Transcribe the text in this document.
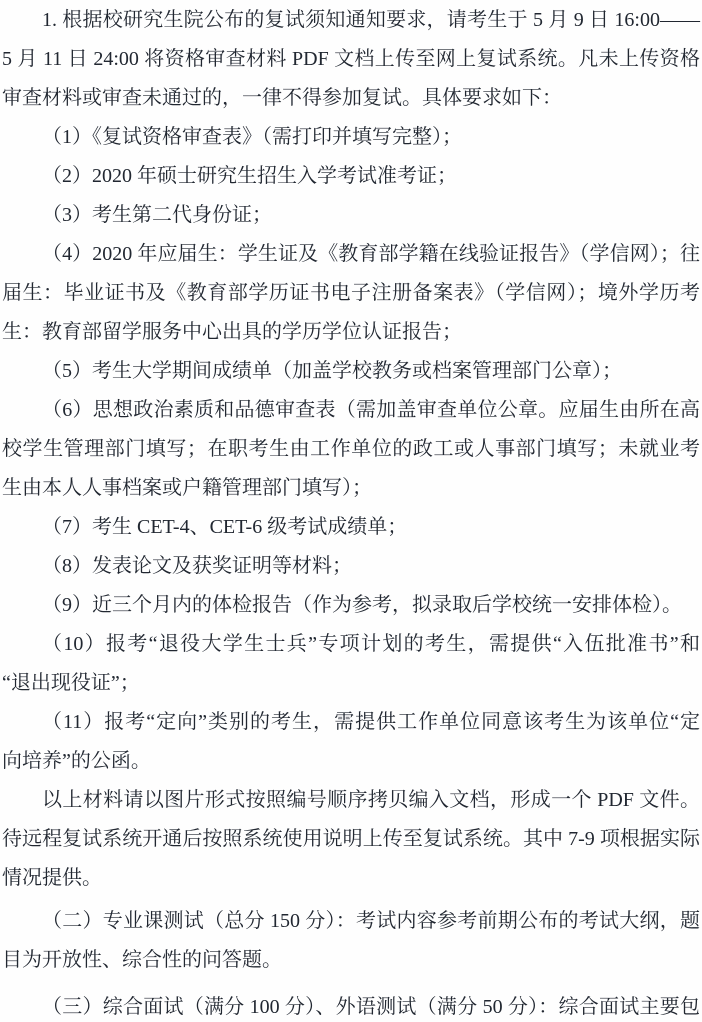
1. 根据校研究生院公布的复试须知通知要求，请考生于 5 月 9 日 16:00——

5 月 11 日 24:00 将资格审查材料 PDF 文档上传至网上复试系统。凡未上传资格

审查材料或审查未通过的，一律不得参加复试。具体要求如下：

（1）《复试资格审查表》（需打印并填写完整）；

（2）2020 年硕士研究生招生入学考试准考证；

（3）考生第二代身份证；

（4）2020 年应届生：学生证及《教育部学籍在线验证报告》（学信网）；往

届生：毕业证书及《教育部学历证书电子注册备案表》（学信网）；境外学历考

生：教育部留学服务中心出具的学历学位认证报告；

（5）考生大学期间成绩单（加盖学校教务或档案管理部门公章）；

（6）思想政治素质和品德审查表（需加盖审查单位公章。应届生由所在高

校学生管理部门填写；在职考生由工作单位的政工或人事部门填写；未就业考

生由本人人事档案或户籍管理部门填写）；

（7）考生 CET-4、CET-6 级考试成绩单；

（8）发表论文及获奖证明等材料；

（9）近三个月内的体检报告（作为参考，拟录取后学校统一安排体检）。

（10）报考“退役大学生士兵”专项计划的考生，需提供“入伍批准书”和

“退出现役证”；

（11）报考“定向”类别的考生，需提供工作单位同意该考生为该单位“定

向培养”的公函。

以上材料请以图片形式按照编号顺序拷贝编入文档，形成一个 PDF 文件。

待远程复试系统开通后按照系统使用说明上传至复试系统。其中 7-9 项根据实际

情况提供。

（二）专业课测试（总分 150 分）：考试内容参考前期公布的考试大纲，题

目为开放性、综合性的问答题。

（三）综合面试（满分 100 分）、外语测试（满分 50 分）：综合面试主要包
